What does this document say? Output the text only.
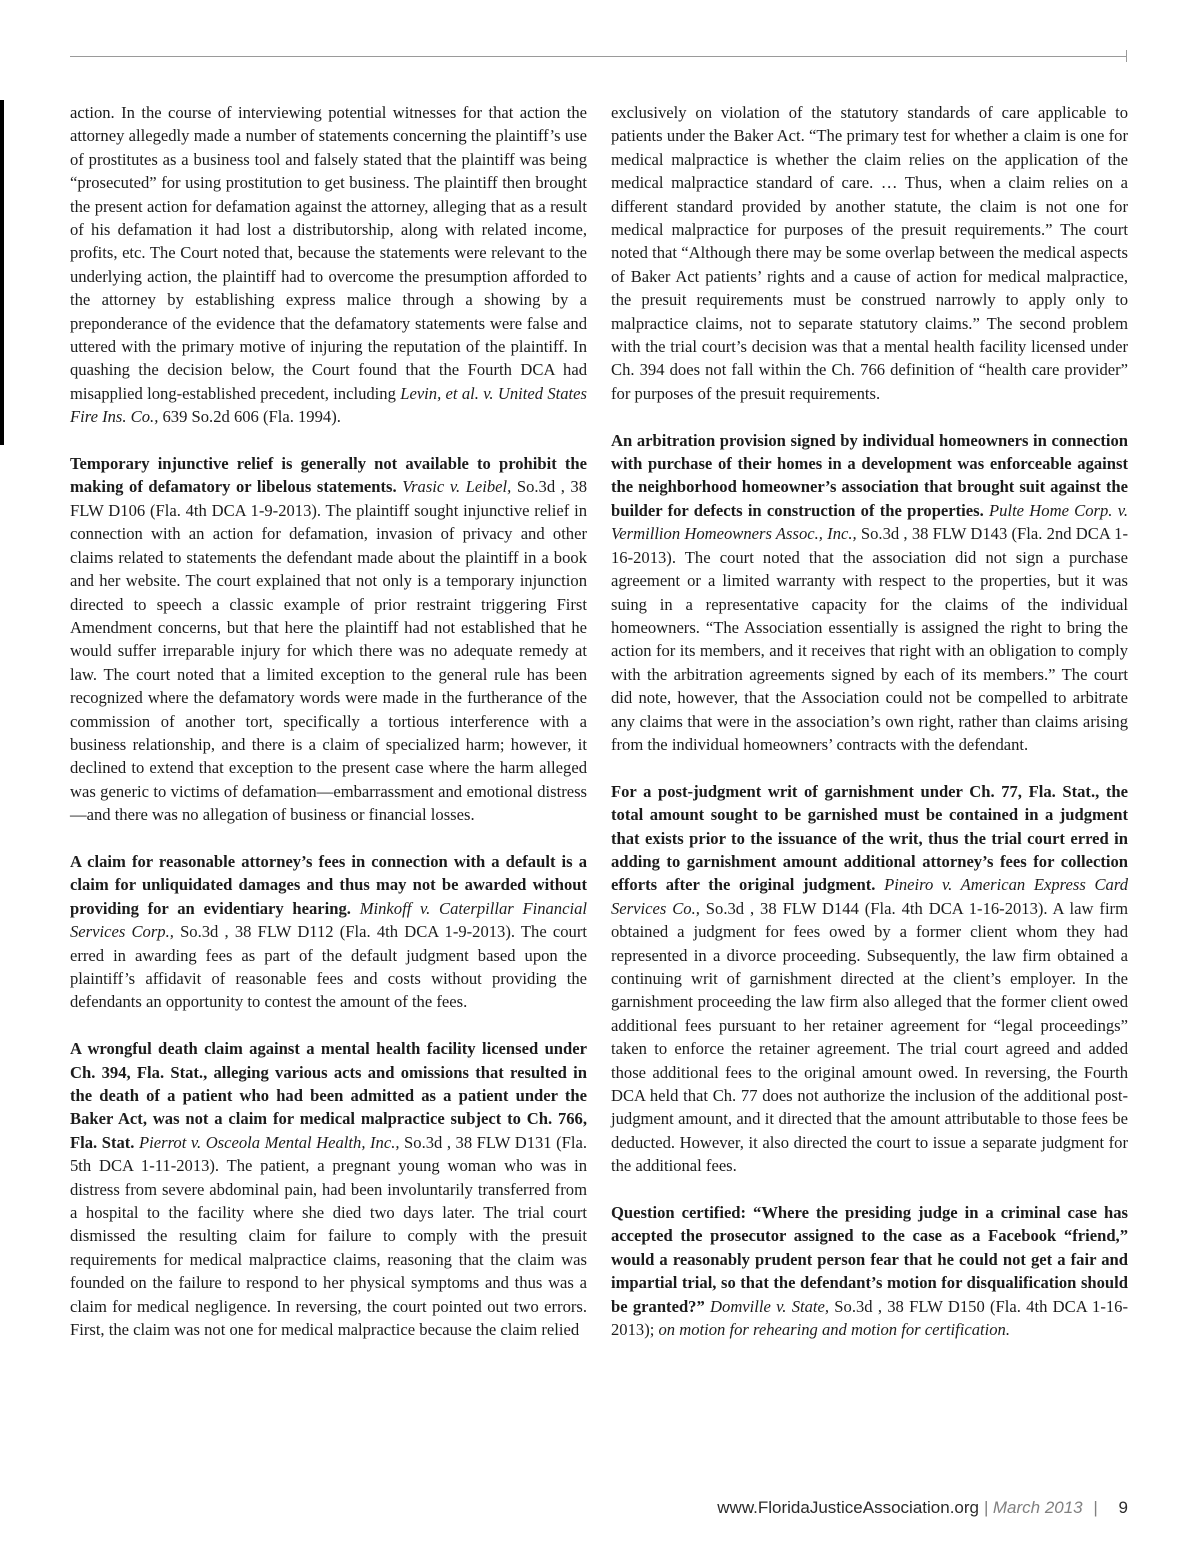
action. In the course of interviewing potential witnesses for that action the attorney allegedly made a number of statements concerning the plaintiff’s use of prostitutes as a business tool and falsely stated that the plaintiff was being “prosecuted” for using prostitution to get business. The plaintiff then brought the present action for defamation against the attorney, alleging that as a result of his defamation it had lost a distributorship, along with related income, profits, etc. The Court noted that, because the statements were relevant to the underlying action, the plaintiff had to overcome the presumption afforded to the attorney by establishing express malice through a showing by a preponderance of the evidence that the defamatory statements were false and uttered with the primary motive of injuring the reputation of the plaintiff. In quashing the decision below, the Court found that the Fourth DCA had misapplied long-established precedent, including Levin, et al. v. United States Fire Ins. Co., 639 So.2d 606 (Fla. 1994).

Temporary injunctive relief is generally not available to prohibit the making of defamatory or libelous statements. Vrasic v. Leibel, So.3d , 38 FLW D106 (Fla. 4th DCA 1-9-2013). The plaintiff sought injunctive relief in connection with an action for defamation, invasion of privacy and other claims related to statements the defendant made about the plaintiff in a book and her website. The court explained that not only is a temporary injunction directed to speech a classic example of prior restraint triggering First Amendment concerns, but that here the plaintiff had not established that he would suffer irreparable injury for which there was no adequate remedy at law. The court noted that a limited exception to the general rule has been recognized where the defamatory words were made in the furtherance of the commission of another tort, specifically a tortious interference with a business relationship, and there is a claim of specialized harm; however, it declined to extend that exception to the present case where the harm alleged was generic to victims of defamation—embarrassment and emotional distress—and there was no allegation of business or financial losses.

A claim for reasonable attorney’s fees in connection with a default is a claim for unliquidated damages and thus may not be awarded without providing for an evidentiary hearing. Minkoff v. Caterpillar Financial Services Corp., So.3d , 38 FLW D112 (Fla. 4th DCA 1-9-2013). The court erred in awarding fees as part of the default judgment based upon the plaintiff’s affidavit of reasonable fees and costs without providing the defendants an opportunity to contest the amount of the fees.

A wrongful death claim against a mental health facility licensed under Ch. 394, Fla. Stat., alleging various acts and omissions that resulted in the death of a patient who had been admitted as a patient under the Baker Act, was not a claim for medical malpractice subject to Ch. 766, Fla. Stat. Pierrot v. Osceola Mental Health, Inc., So.3d , 38 FLW D131 (Fla. 5th DCA 1-11-2013). The patient, a pregnant young woman who was in distress from severe abdominal pain, had been involuntarily transferred from a hospital to the facility where she died two days later. The trial court dismissed the resulting claim for failure to comply with the presuit requirements for medical malpractice claims, reasoning that the claim was founded on the failure to respond to her physical symptoms and thus was a claim for medical negligence. In reversing, the court pointed out two errors. First, the claim was not one for medical malpractice because the claim relied

exclusively on violation of the statutory standards of care applicable to patients under the Baker Act. “The primary test for whether a claim is one for medical malpractice is whether the claim relies on the application of the medical malpractice standard of care. … Thus, when a claim relies on a different standard provided by another statute, the claim is not one for medical malpractice for purposes of the presuit requirements.” The court noted that “Although there may be some overlap between the medical aspects of Baker Act patients’ rights and a cause of action for medical malpractice, the presuit requirements must be construed narrowly to apply only to malpractice claims, not to separate statutory claims.” The second problem with the trial court’s decision was that a mental health facility licensed under Ch. 394 does not fall within the Ch. 766 definition of “health care provider” for purposes of the presuit requirements.

An arbitration provision signed by individual homeowners in connection with purchase of their homes in a development was enforceable against the neighborhood homeowner’s association that brought suit against the builder for defects in construction of the properties. Pulte Home Corp. v. Vermillion Homeowners Assoc., Inc., So.3d , 38 FLW D143 (Fla. 2nd DCA 1-16-2013). The court noted that the association did not sign a purchase agreement or a limited warranty with respect to the properties, but it was suing in a representative capacity for the claims of the individual homeowners. “The Association essentially is assigned the right to bring the action for its members, and it receives that right with an obligation to comply with the arbitration agreements signed by each of its members.” The court did note, however, that the Association could not be compelled to arbitrate any claims that were in the association’s own right, rather than claims arising from the individual homeowners’ contracts with the defendant.

For a post-judgment writ of garnishment under Ch. 77, Fla. Stat., the total amount sought to be garnished must be contained in a judgment that exists prior to the issuance of the writ, thus the trial court erred in adding to garnishment amount additional attorney’s fees for collection efforts after the original judgment. Pineiro v. American Express Card Services Co., So.3d , 38 FLW D144 (Fla. 4th DCA 1-16-2013). A law firm obtained a judgment for fees owed by a former client whom they had represented in a divorce proceeding. Subsequently, the law firm obtained a continuing writ of garnishment directed at the client’s employer. In the garnishment proceeding the law firm also alleged that the former client owed additional fees pursuant to her retainer agreement for “legal proceedings” taken to enforce the retainer agreement. The trial court agreed and added those additional fees to the original amount owed. In reversing, the Fourth DCA held that Ch. 77 does not authorize the inclusion of the additional post-judgment amount, and it directed that the amount attributable to those fees be deducted. However, it also directed the court to issue a separate judgment for the additional fees.

Question certified: “Where the presiding judge in a criminal case has accepted the prosecutor assigned to the case as a Facebook “friend,” would a reasonably prudent person fear that he could not get a fair and impartial trial, so that the defendant’s motion for disqualification should be granted?” Domville v. State, So.3d , 38 FLW D150 (Fla. 4th DCA 1-16-2013); on motion for rehearing and motion for certification.

www.FloridaJusticeAssociation.org | March 2013 | 9
